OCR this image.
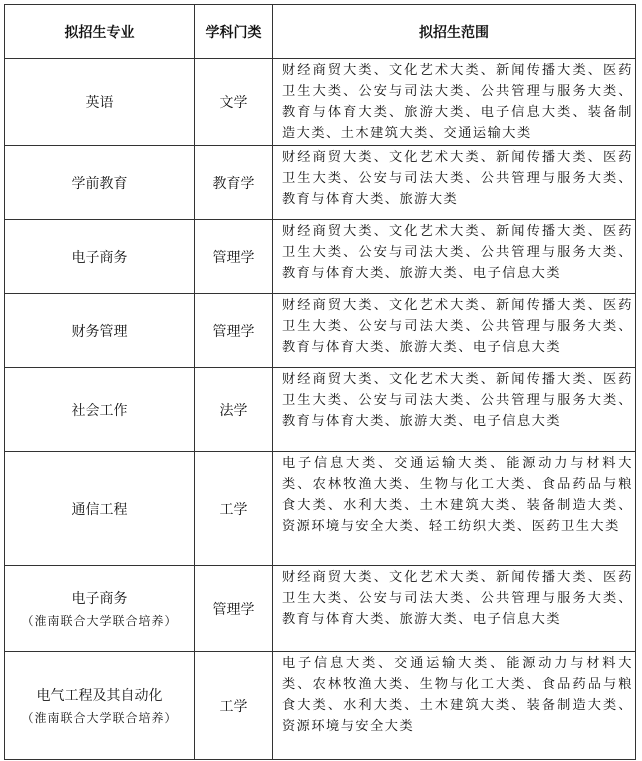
拟招生专业	学科门类	拟招生范围
英语	文学	财经商贸大类、文化艺术大类、新闻传播大类、医药卫生大类、公安与司法大类、公共管理与服务大类、教育与体育大类、旅游大类、电子信息大类、装备制造大类、土木建筑大类、交通运输大类
学前教育	教育学	财经商贸大类、文化艺术大类、新闻传播大类、医药卫生大类、公安与司法大类、公共管理与服务大类、教育与体育大类、旅游大类
电子商务	管理学	财经商贸大类、文化艺术大类、新闻传播大类、医药卫生大类、公安与司法大类、公共管理与服务大类、教育与体育大类、旅游大类、电子信息大类
财务管理	管理学	财经商贸大类、文化艺术大类、新闻传播大类、医药卫生大类、公安与司法大类、公共管理与服务大类、教育与体育大类、旅游大类、电子信息大类
社会工作	法学	财经商贸大类、文化艺术大类、新闻传播大类、医药卫生大类、公安与司法大类、公共管理与服务大类、教育与体育大类、旅游大类、电子信息大类
通信工程	工学	电子信息大类、交通运输大类、能源动力与材料大类、农林牧渔大类、生物与化工大类、食品药品与粮食大类、水利大类、土木建筑大类、装备制造大类、资源环境与安全大类、轻工纺织大类、医药卫生大类
电子商务
（淮南联合大学联合培养）	管理学	财经商贸大类、文化艺术大类、新闻传播大类、医药卫生大类、公安与司法大类、公共管理与服务大类、教育与体育大类、旅游大类、电子信息大类
电气工程及其自动化
（淮南联合大学联合培养）	工学	电子信息大类、交通运输大类、能源动力与材料大类、农林牧渔大类、生物与化工大类、食品药品与粮食大类、水利大类、土木建筑大类、装备制造大类、资源环境与安全大类
